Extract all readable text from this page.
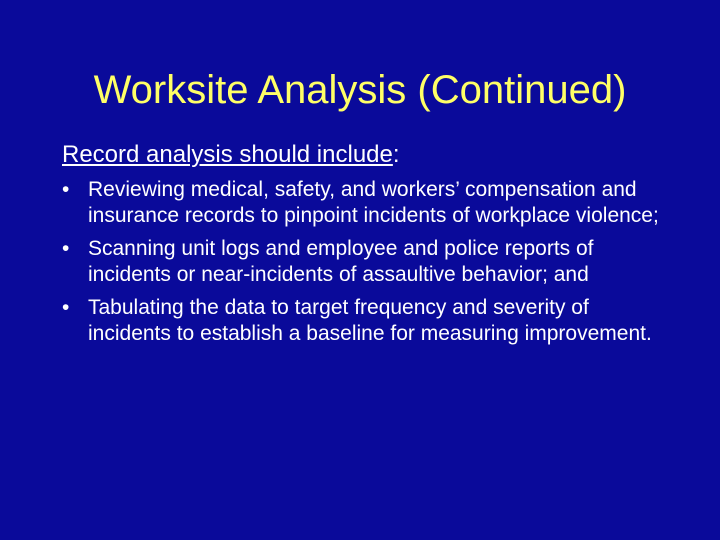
Worksite Analysis (Continued)
Record analysis should include:
• Reviewing medical, safety, and workers’ compensation and insurance records to pinpoint incidents of workplace violence;
• Scanning unit logs and employee and police reports of incidents or near-incidents of assaultive behavior; and
• Tabulating the data to target frequency and severity of incidents to establish a baseline for measuring improvement.
